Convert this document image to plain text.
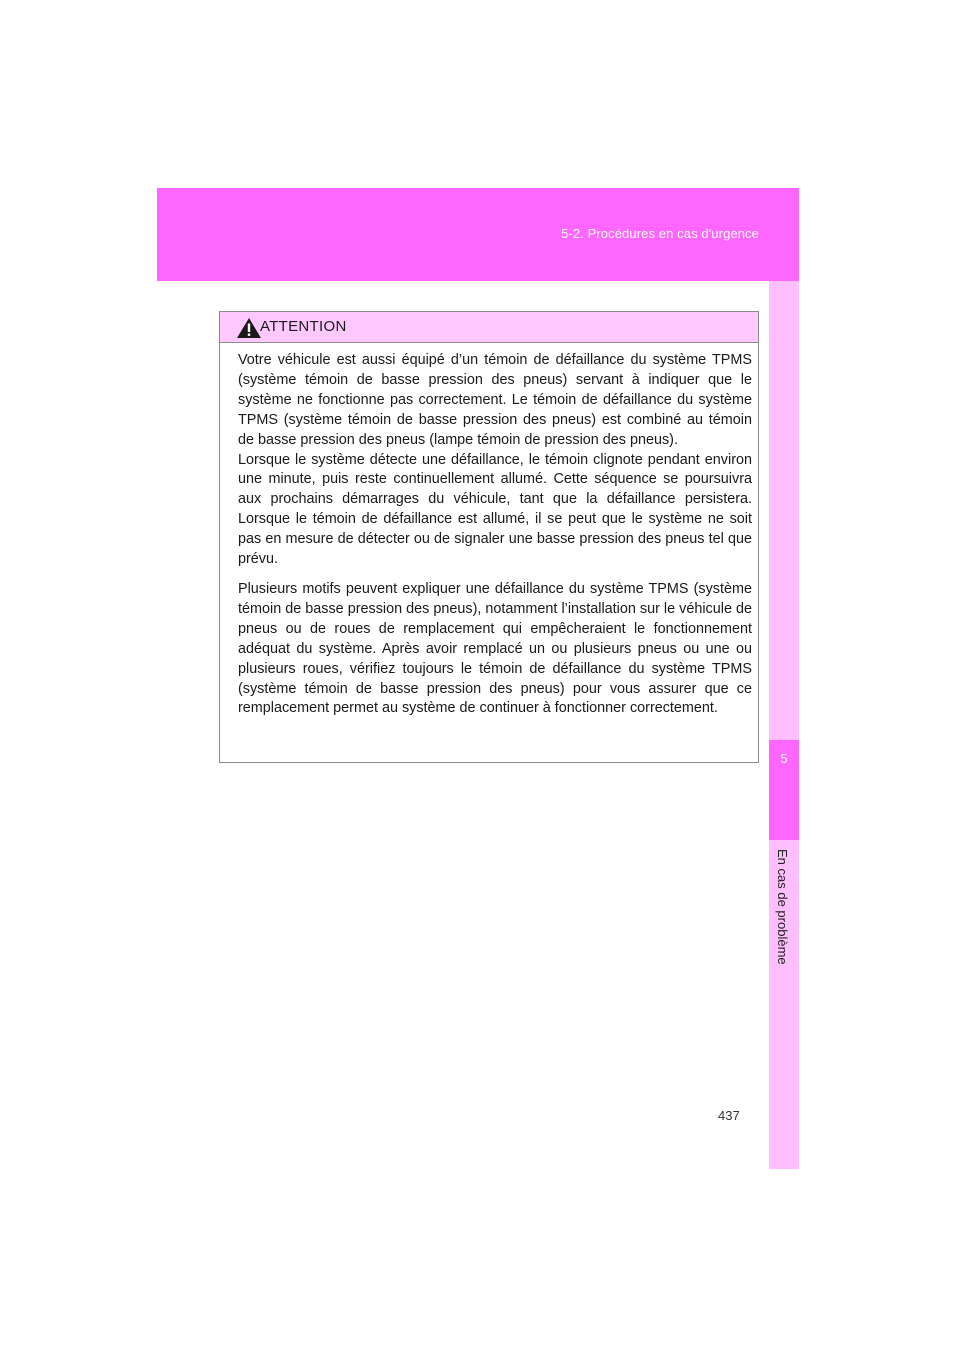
5-2. Procédures en cas d'urgence
5
En cas de problème
ATTENTION

Votre véhicule est aussi équipé d’un témoin de défaillance du système TPMS (système témoin de basse pression des pneus) servant à indiquer que le système ne fonctionne pas correctement. Le témoin de défaillance du système TPMS (système témoin de basse pression des pneus) est combiné au témoin de basse pression des pneus (lampe témoin de pression des pneus).

Lorsque le système détecte une défaillance, le témoin clignote pendant environ une minute, puis reste continuellement allumé. Cette séquence se poursuivra aux prochains démarrages du véhicule, tant que la défaillance persistera. Lorsque le témoin de défaillance est allumé, il se peut que le système ne soit pas en mesure de détecter ou de signaler une basse pression des pneus tel que prévu.

Plusieurs motifs peuvent expliquer une défaillance du système TPMS (système témoin de basse pression des pneus), notamment l’installation sur le véhicule de pneus ou de roues de remplacement qui empêcheraient le fonctionnement adéquat du système. Après avoir remplacé un ou plusieurs pneus ou une ou plusieurs roues, vérifiez toujours le témoin de défaillance du système TPMS (système témoin de basse pression des pneus) pour vous assurer que ce remplacement permet au système de continuer à fonctionner correctement.

437
